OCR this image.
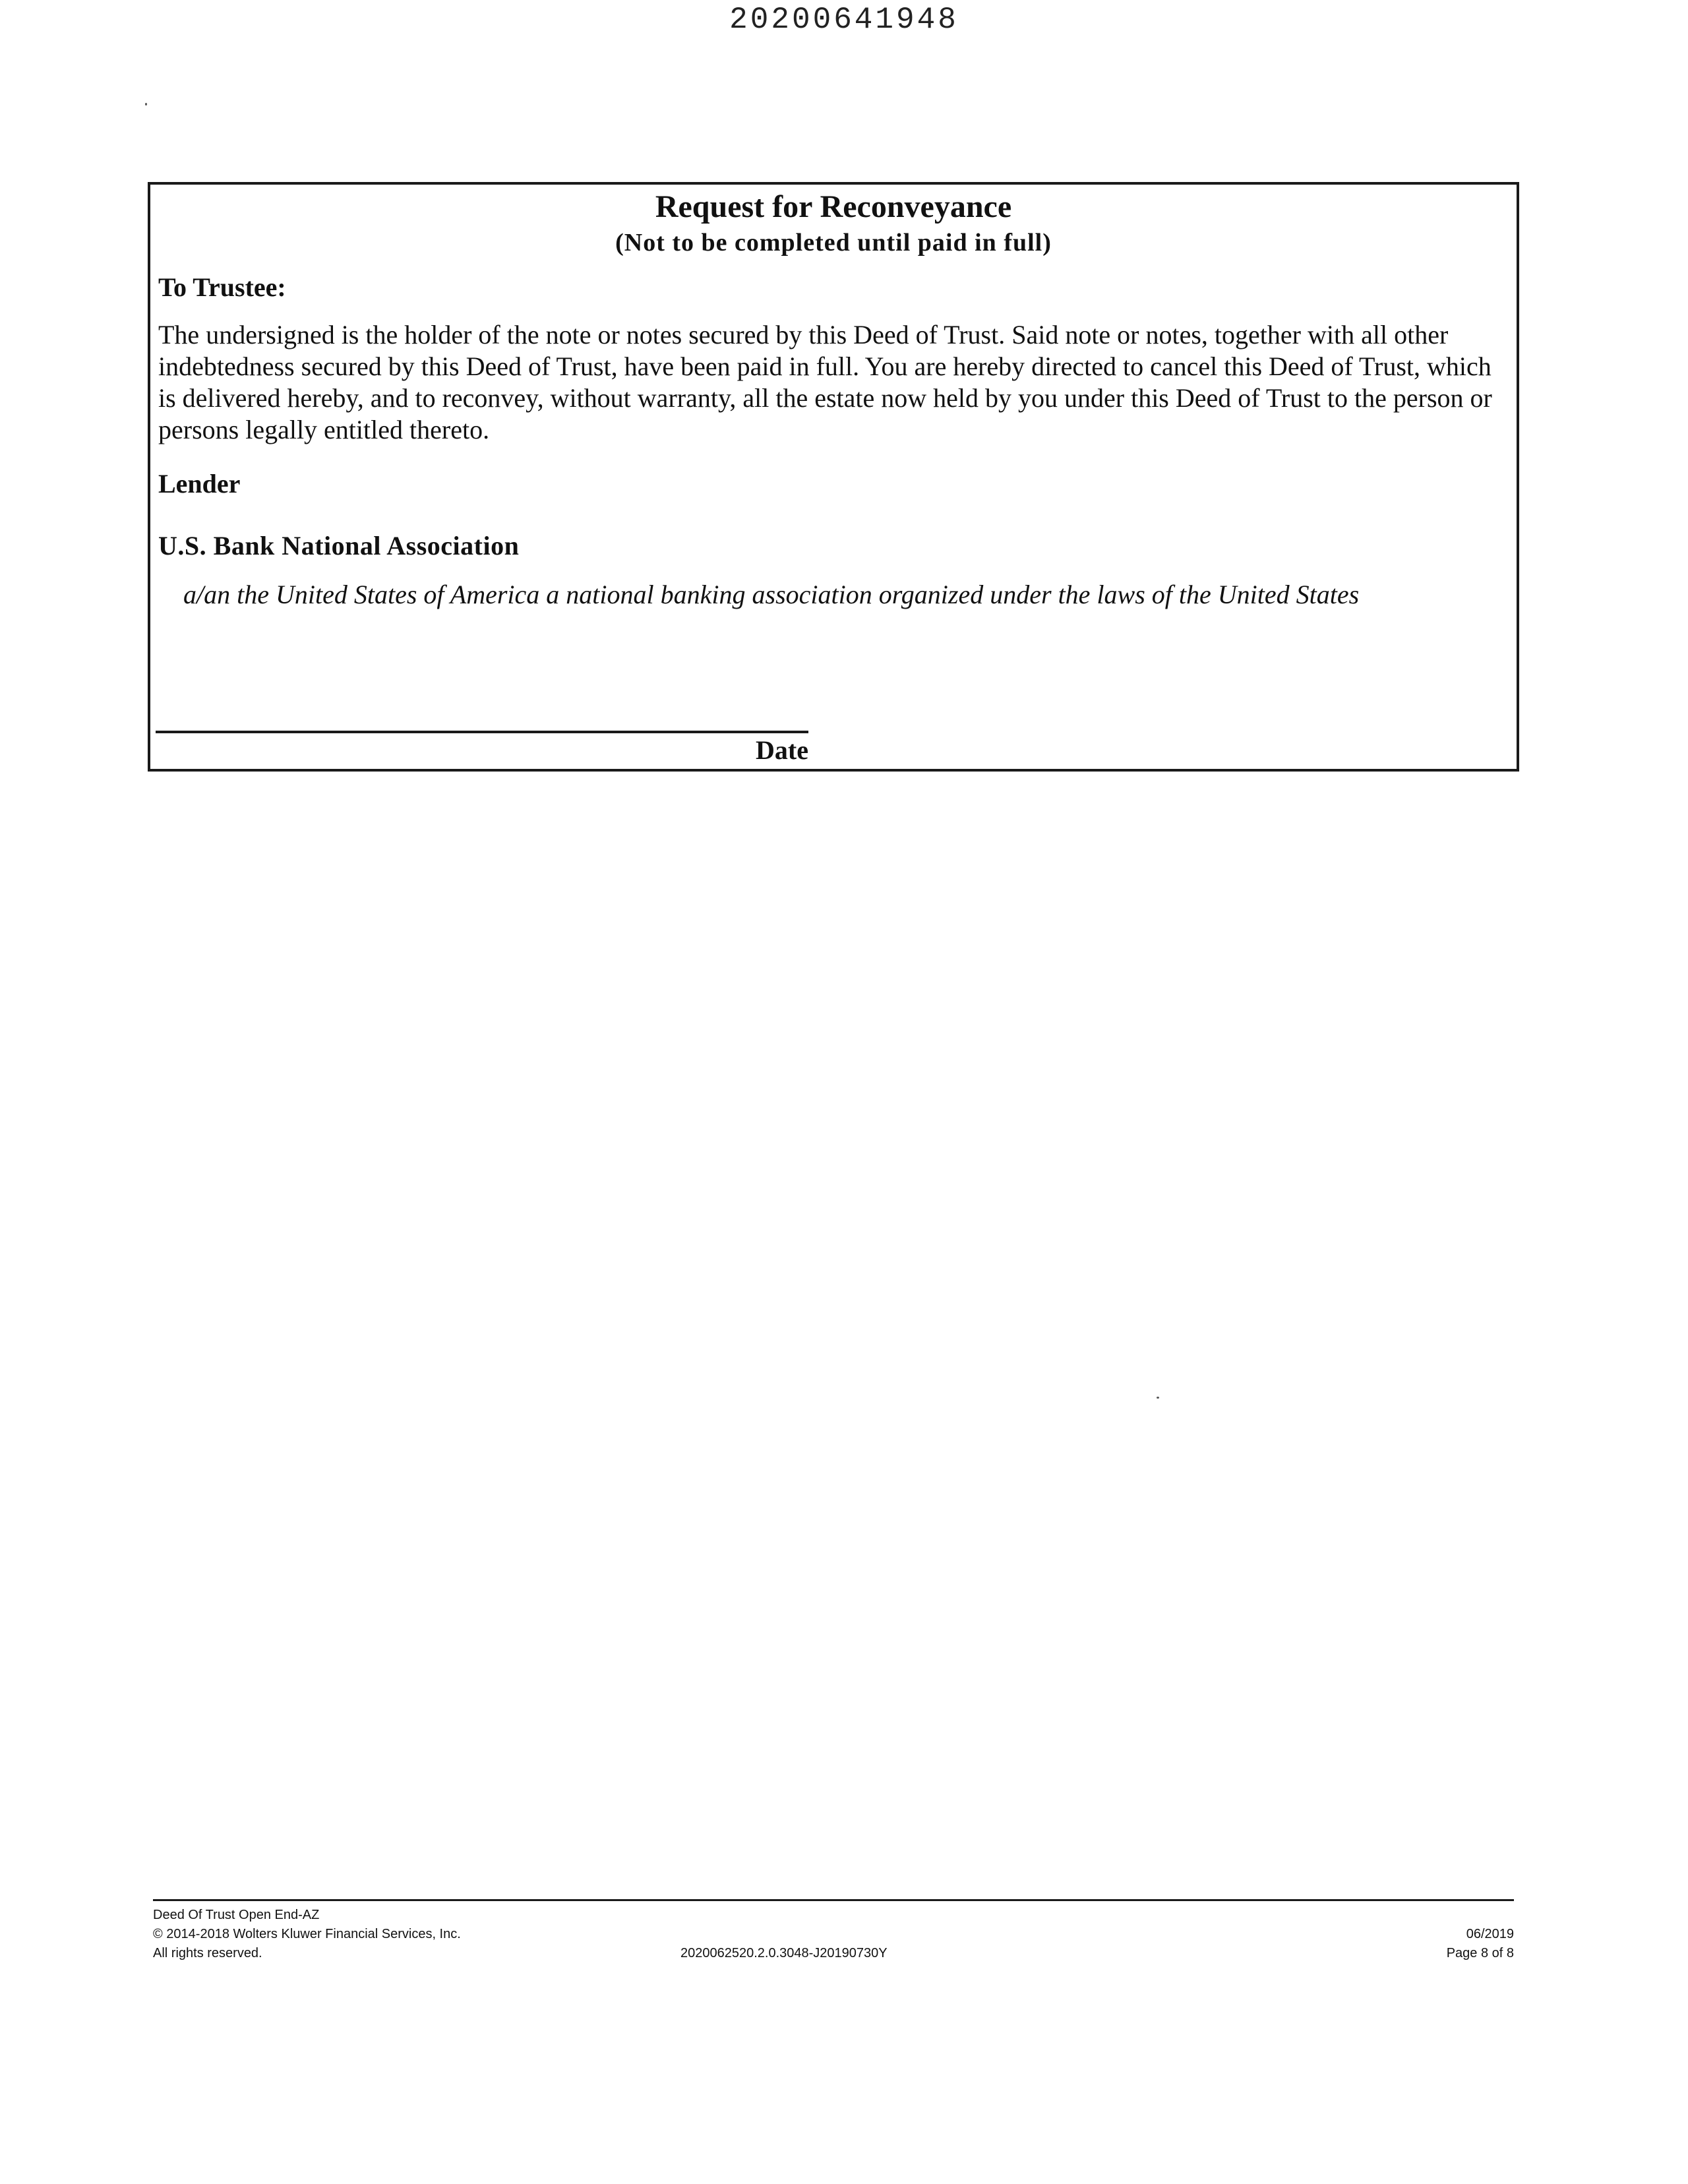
20200641948
Request for Reconveyance
(Not to be completed until paid in full)
To Trustee:
The undersigned is the holder of the note or notes secured by this Deed of Trust. Said note or notes, together with all other indebtedness secured by this Deed of Trust, have been paid in full. You are hereby directed to cancel this Deed of Trust, which is delivered hereby, and to reconvey, without warranty, all the estate now held by you under this Deed of Trust to the person or persons legally entitled thereto.
Lender
U.S. Bank National Association
a/an the United States of America a national banking association organized under the laws of the United States
Date
Deed Of Trust Open End-AZ
© 2014-2018 Wolters Kluwer Financial Services, Inc.
All rights reserved.	2020062520.2.0.3048-J20190730Y
06/2019
Page 8 of 8
